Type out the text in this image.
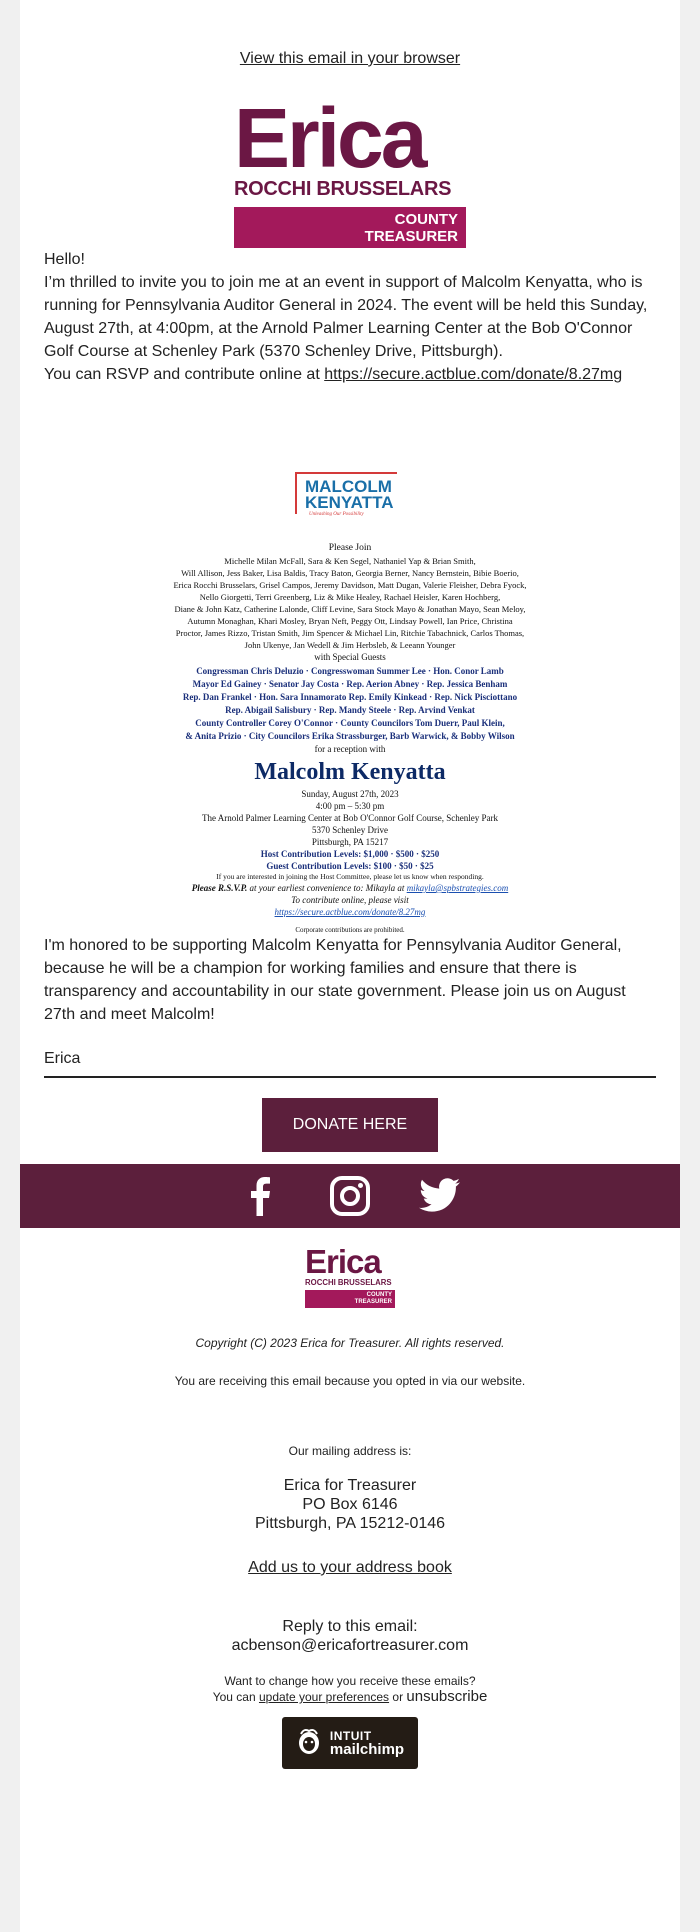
View this email in your browser
Erica
ROCCHI BRUSSELARS
COUNTY
TREASURER

Hello!

I’m thrilled to invite you to join me at an event in support of Malcolm Kenyatta, who is running for Pennsylvania Auditor General in 2024. The event will be held this Sunday, August 27th, at 4:00pm, at the Arnold Palmer Learning Center at the Bob O'Connor Golf Course at Schenley Park (5370 Schenley Drive, Pittsburgh).

You can RSVP and contribute online at https://secure.actblue.com/donate/8.27mg

MALCOLM
KENYATTA
Unleashing Our Possibility
Please Join
Michelle Milan McFall, Sara & Ken Segel, Nathaniel Yap & Brian Smith,
Will Allison, Jess Baker, Lisa Baldis, Tracy Baton, Georgia Berner, Nancy Bernstein, Bibie Boerio,
Erica Rocchi Brusselars, Grisel Campos, Jeremy Davidson, Matt Dugan, Valerie Fleisher, Debra Fyock,
Nello Giorgetti, Terri Greenberg, Liz & Mike Healey, Rachael Heisler, Karen Hochberg,
Diane & John Katz, Catherine Lalonde, Cliff Levine, Sara Stock Mayo & Jonathan Mayo, Sean Meloy,
Autumn Monaghan, Khari Mosley, Bryan Neft, Peggy Ott, Lindsay Powell, Ian Price, Christina
Proctor, James Rizzo, Tristan Smith, Jim Spencer & Michael Lin, Ritchie Tabachnick, Carlos Thomas,
John Ukenye, Jan Wedell & Jim Herbsleb, & Leeann Younger
with Special Guests
Congressman Chris Deluzio · Congresswoman Summer Lee · Hon. Conor Lamb
Mayor Ed Gainey · Senator Jay Costa · Rep. Aerion Abney · Rep. Jessica Benham
Rep. Dan Frankel · Hon. Sara Innamorato Rep. Emily Kinkead · Rep. Nick Pisciottano
Rep. Abigail Salisbury · Rep. Mandy Steele · Rep. Arvind Venkat
County Controller Corey O'Connor · County Councilors Tom Duerr, Paul Klein,
& Anita Prizio · City Councilors Erika Strassburger, Barb Warwick, & Bobby Wilson
for a reception with
Malcolm Kenyatta
Sunday, August 27th, 2023
4:00 pm – 5:30 pm
The Arnold Palmer Learning Center at Bob O'Connor Golf Course, Schenley Park
5370 Schenley Drive
Pittsburgh, PA 15217
Host Contribution Levels: $1,000 · $500 · $250
Guest Contribution Levels: $100 · $50 · $25
If you are interested in joining the Host Committee, please let us know when responding.
Please R.S.V.P. at your earliest convenience to: Mikayla at mikayla@spbstrategies.com
To contribute online, please visit
https://secure.actblue.com/donate/8.27mg
Corporate contributions are prohibited.

I'm honored to be supporting Malcolm Kenyatta for Pennsylvania Auditor General, because he will be a champion for working families and ensure that there is transparency and accountability in our state government. Please join us on August 27th and meet Malcolm!

Erica
DONATE HERE
Erica
ROCCHI BRUSSELARS
COUNTY
TREASURER
Copyright (C) 2023 Erica for Treasurer. All rights reserved.
You are receiving this email because you opted in via our website.
Our mailing address is:
Erica for Treasurer
PO Box 6146
Pittsburgh, PA 15212-0146
Add us to your address book
Reply to this email:
acbenson@ericafortreasurer.com
Want to change how you receive these emails?
You can update your preferences or unsubscribe
INTUIT
mailchimp
